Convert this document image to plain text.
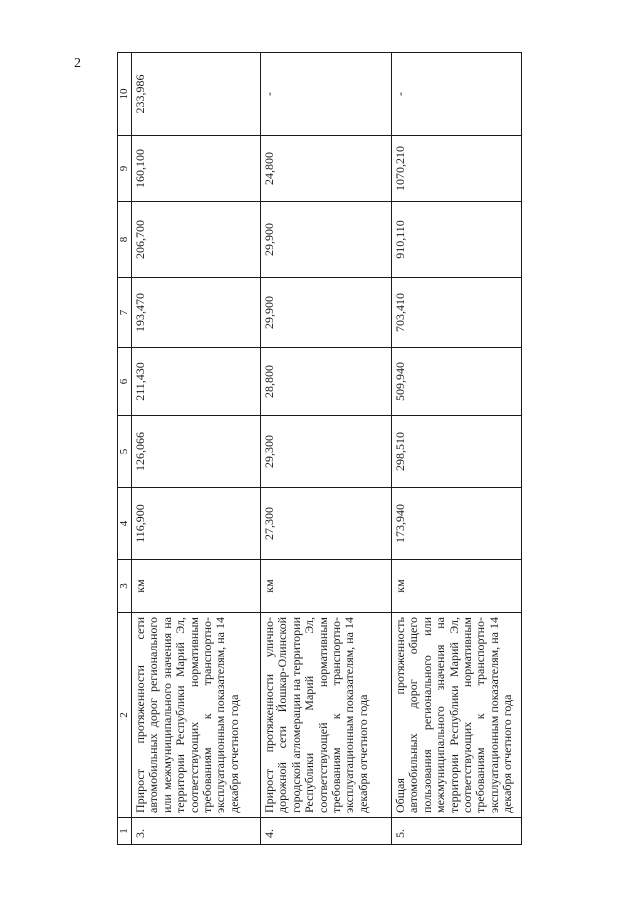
2
1	2	3	4	5	6	7	8	9	10
3.	Прирост протяженности сети автомобильных дорог регионального или межмуниципального значения на территории Республики Марий Эл, соответствующих нормативным требованиям к транспортно-эксплуатационным показателям, на 14 декабря отчетного года	км	116,900	126,066	211,430	193,470	206,700	160,100	233,986
4.	Прирост протяженности улично-дорожной сети Йошкар-Олинской городской агломерации на территории Республики Марий Эл, соответствующей нормативным требованиям к транспортно-эксплуатационным показателям, на 14 декабря отчетного года	км	27,300	29,300	28,800	29,900	29,900	24,800	-
5.	Общая протяженность автомобильных дорог общего пользования регионального или межмуниципального значения на территории Республики Марий Эл, соответствующих нормативным требованиям к транспортно-эксплуатационным показателям, на 14 декабря отчетного года	км	173,940	298,510	509,940	703,410	910,110	1070,210	-
